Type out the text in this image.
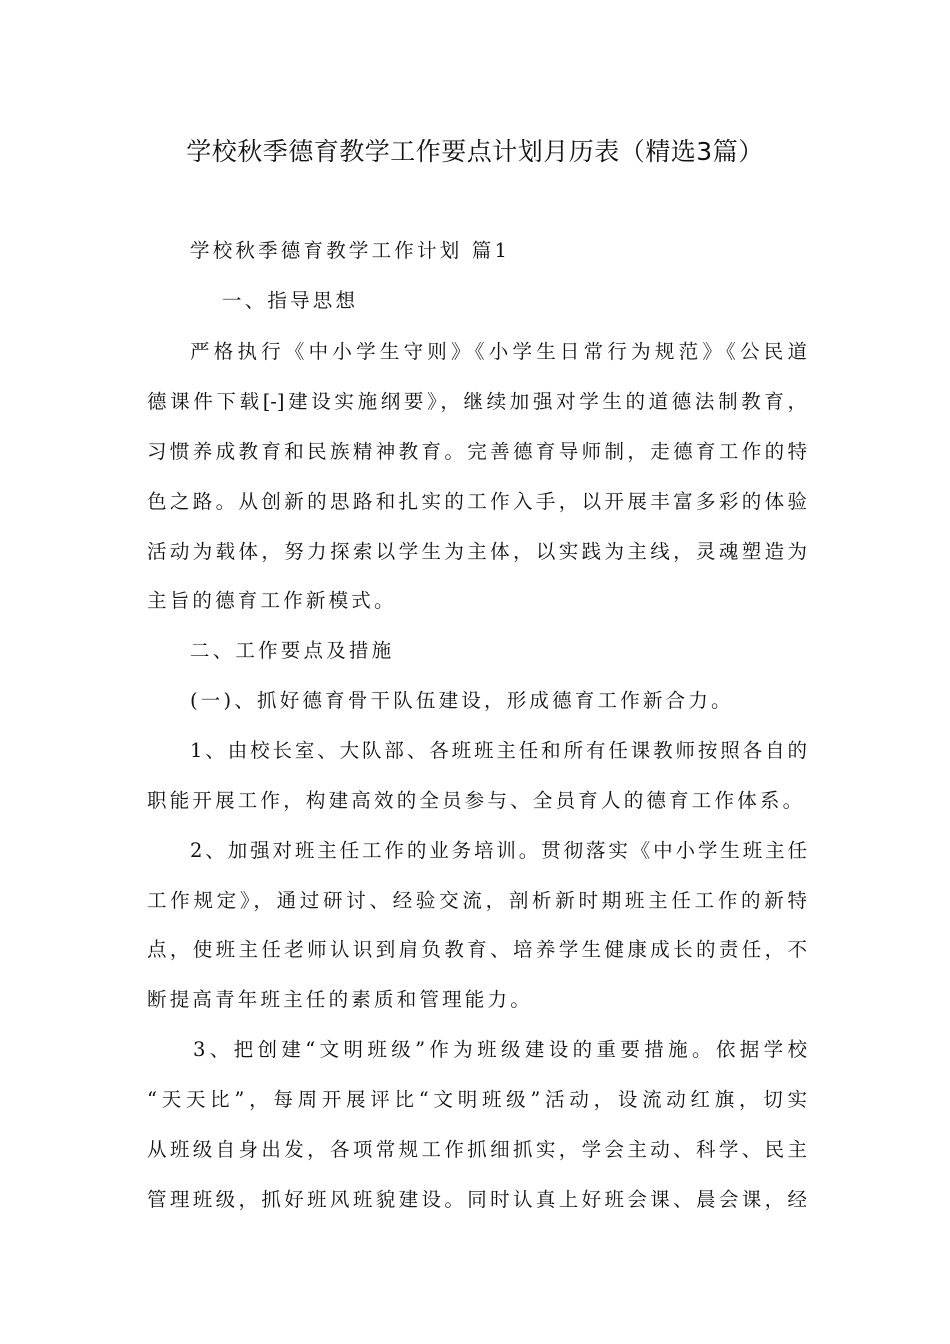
学校秋季德育教学工作要点计划月历表（精选3篇）
学校秋季德育教学工作计划 篇1
一、指导思想
严格执行《中小学生守则》《小学生日常行为规范》《公民道
德课件下载[-]建设实施纲要》，继续加强对学生的道德法制教育，
习惯养成教育和民族精神教育。完善德育导师制，走德育工作的特
色之路。从创新的思路和扎实的工作入手，以开展丰富多彩的体验
活动为载体，努力探索以学生为主体，以实践为主线，灵魂塑造为
主旨的德育工作新模式。
二、工作要点及措施
(一)、抓好德育骨干队伍建设，形成德育工作新合力。
1、由校长室、大队部、各班班主任和所有任课教师按照各自的
职能开展工作，构建高效的全员参与、全员育人的德育工作体系。
2、加强对班主任工作的业务培训。贯彻落实《中小学生班主任
工作规定》，通过研讨、经验交流，剖析新时期班主任工作的新特
点，使班主任老师认识到肩负教育、培养学生健康成长的责任，不
断提高青年班主任的素质和管理能力。
3、把创建“文明班级”作为班级建设的重要措施。依据学校
“天天比”，每周开展评比“文明班级”活动，设流动红旗，切实
从班级自身出发，各项常规工作抓细抓实，学会主动、科学、民主
管理班级，抓好班风班貌建设。同时认真上好班会课、晨会课，经
